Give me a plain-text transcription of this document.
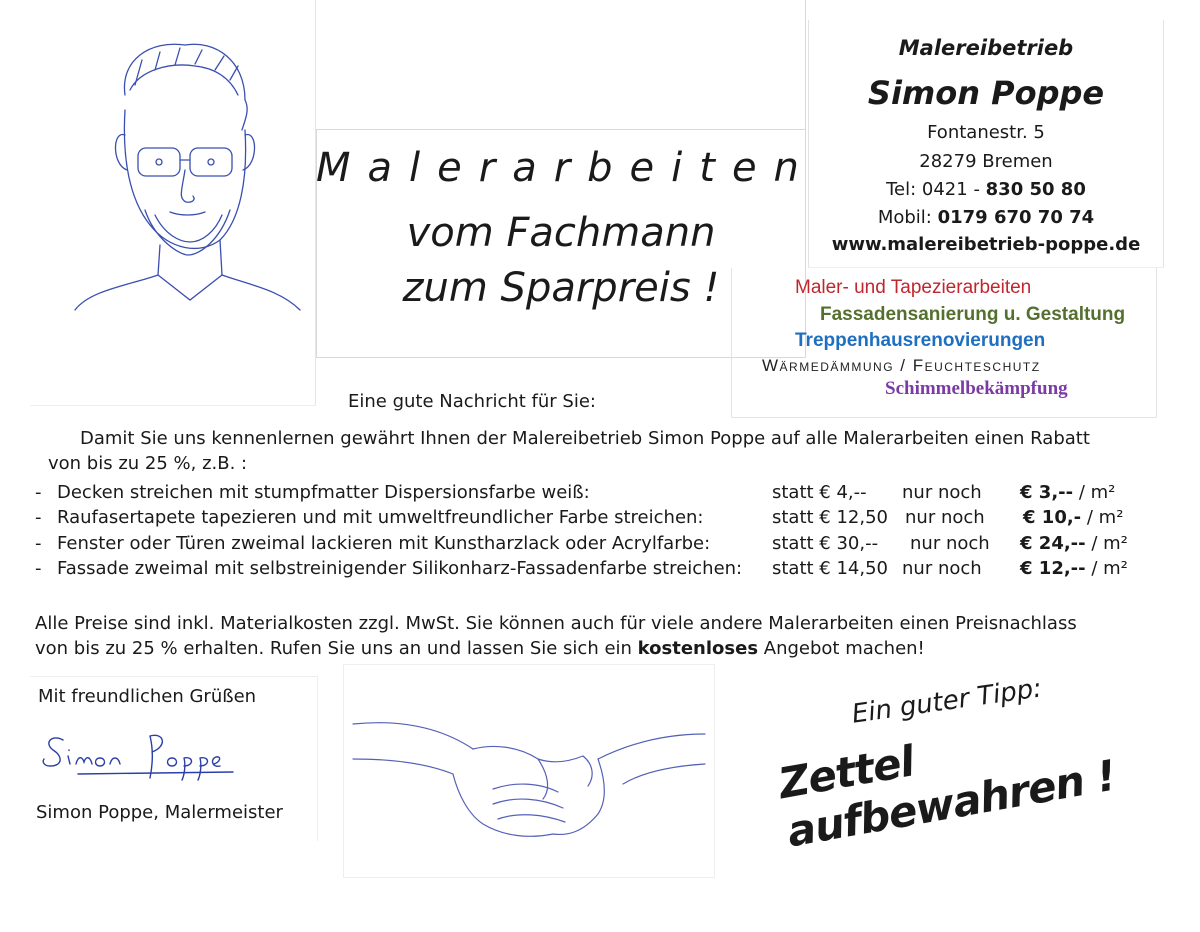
Malerarbeiten
vom Fachmann
zum Sparpreis !
Malereibetrieb
Simon Poppe
Fontanestr. 5
28279 Bremen
Tel: 0421 - 830 50 80
Mobil: 0179 670 70 74
www.malereibetrieb-poppe.de
Maler- und Tapezierarbeiten
Fassadensanierung u. Gestaltung
Treppenhausrenovierungen
Wärmedämmung / Feuchteschutz
Schimmelbekämpfung
Eine gute Nachricht für Sie:
Damit Sie uns kennenlernen gewährt Ihnen der Malereibetrieb Simon Poppe auf alle Malerarbeiten einen Rabatt
von bis zu 25 %, z.B. :
- Decken streichen mit stumpfmatter Dispersionsfarbe weiß:	statt € 4,-- nur noch € 3,-- / m²
- Raufasertapete tapezieren und mit umweltfreundlicher Farbe streichen:	statt € 12,50 nur noch € 10,- / m²
- Fenster oder Türen zweimal lackieren mit Kunstharzlack oder Acrylfarbe:	statt € 30,-- nur noch € 24,-- / m²
- Fassade zweimal mit selbstreinigender Silikonharz-Fassadenfarbe streichen: statt € 14,50 nur noch € 12,-- / m²
Alle Preise sind inkl. Materialkosten zzgl. MwSt. Sie können auch für viele andere Malerarbeiten einen Preisnachlass
von bis zu 25 % erhalten. Rufen Sie uns an und lassen Sie sich ein kostenloses Angebot machen!
Mit freundlichen Grüßen
Simon Poppe, Malermeister
Ein guter Tipp:
Zettel aufbewahren !
